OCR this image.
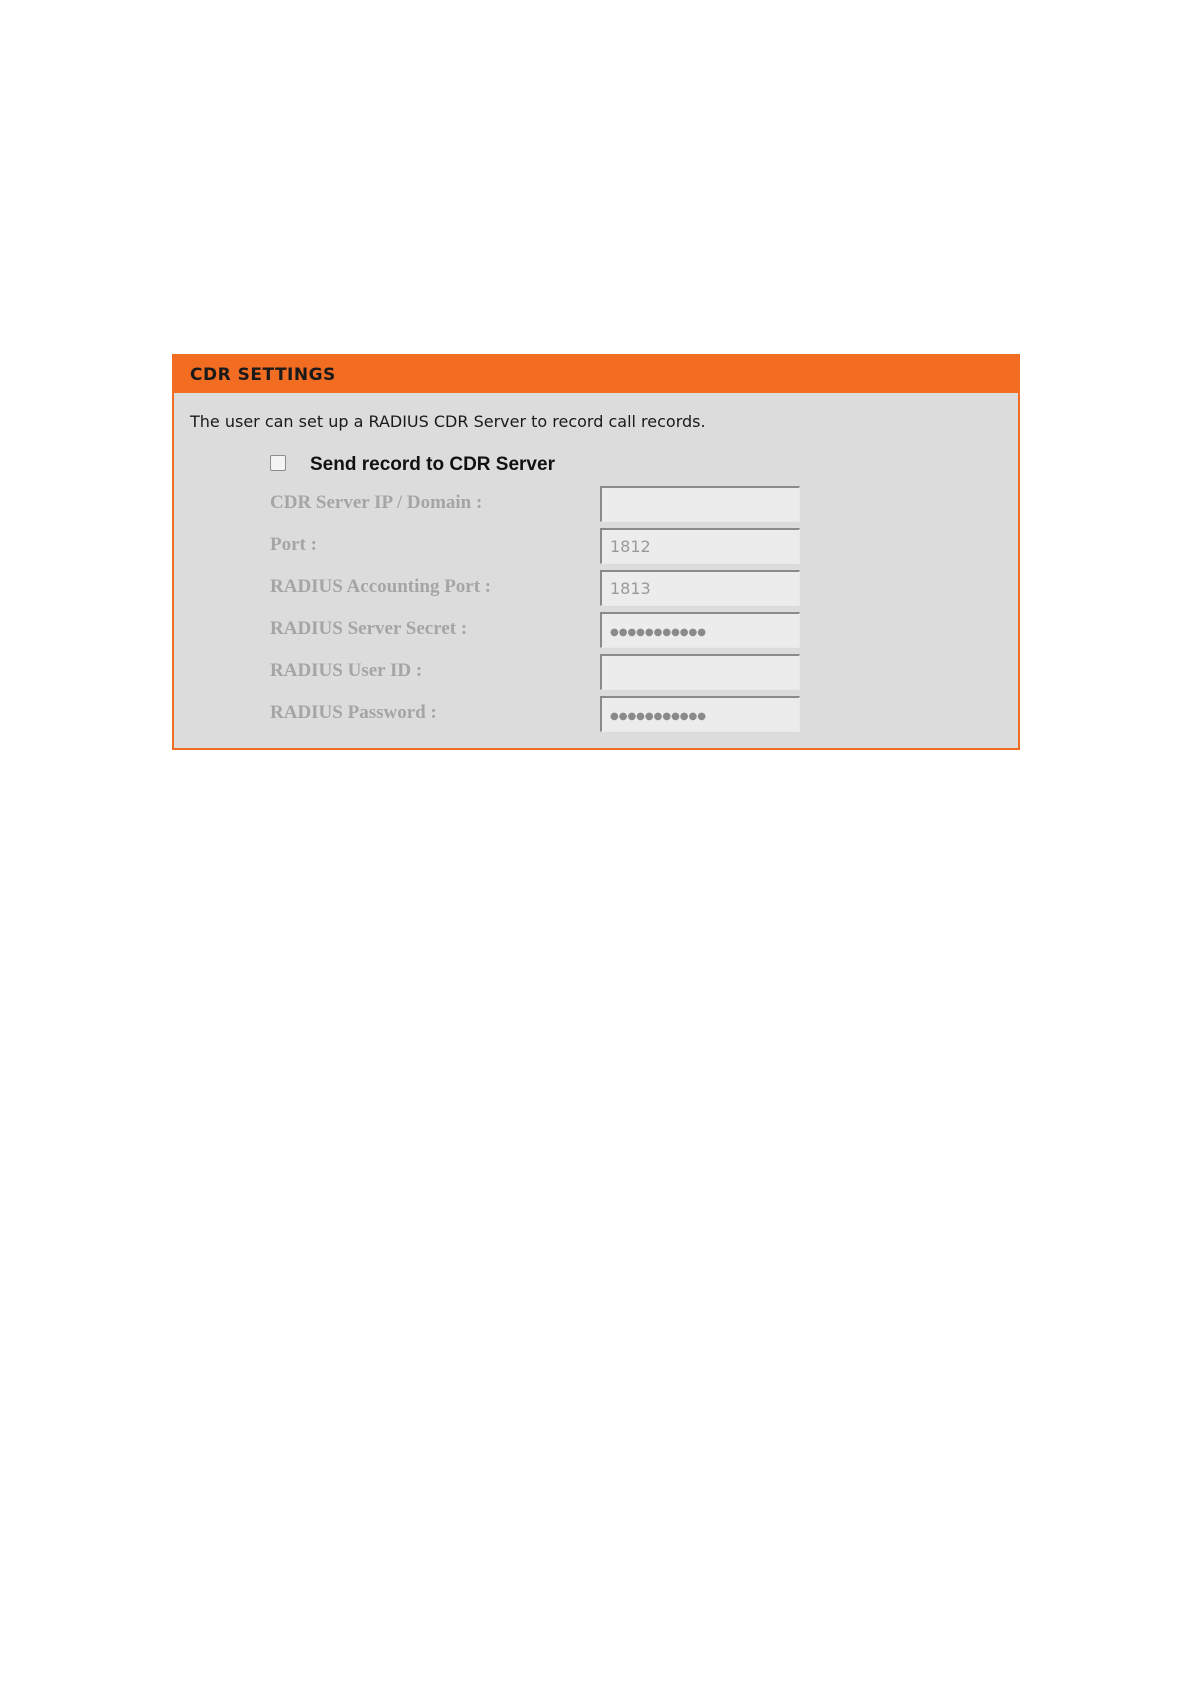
CDR SETTINGS
The user can set up a RADIUS CDR Server to record call records.
Send record to CDR Server
CDR Server IP / Domain :
Port :	1812
RADIUS Accounting Port :	1813
RADIUS Server Secret :	●●●●●●●●●●●
RADIUS User ID :
RADIUS Password :	●●●●●●●●●●●
